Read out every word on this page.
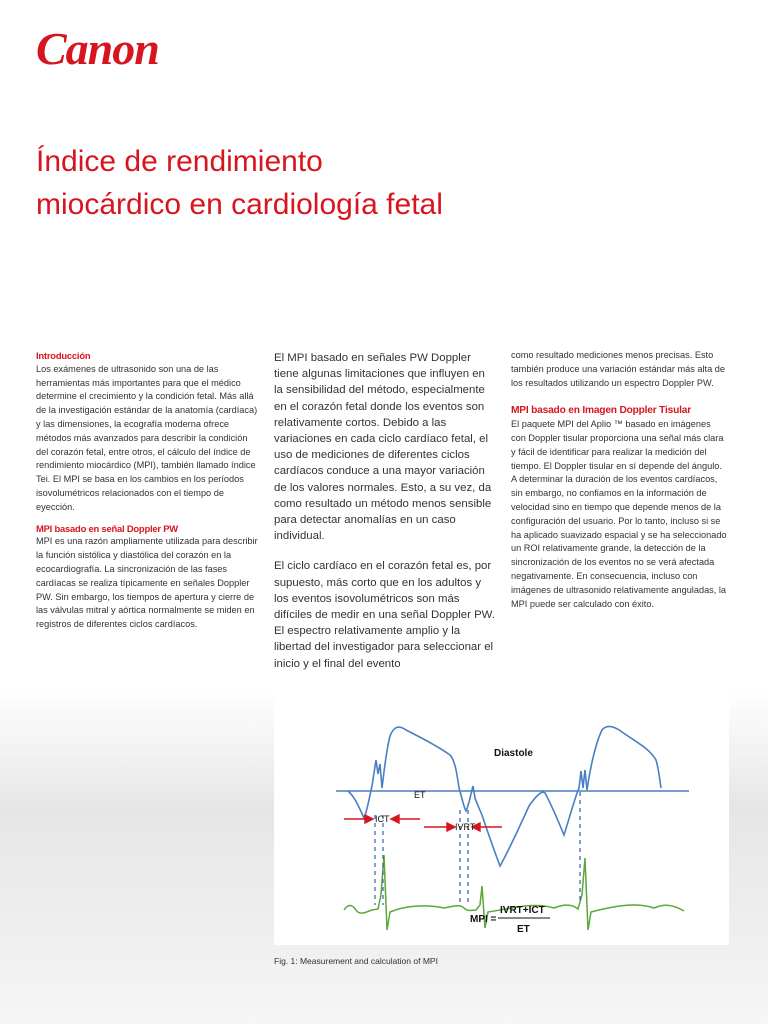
Canon
Índice de rendimiento
miocárdico en cardiología fetal
Introducción

Los exámenes de ultrasonido son una de las herramientas más importantes para que el médico determine el crecimiento y la condición fetal. Más allá de la investigación estándar de la anatomía (cardíaca) y las dimensiones, la ecografía moderna ofrece métodos más avanzados para describir la condición del corazón fetal, entre otros, el cálculo del índice de rendimiento miocárdico (MPI), también llamado índice Tei. El MPI se basa en los cambios en los períodos isovolumétricos relacionados con el tiempo de eyección.

MPI basado en señal Doppler PW

MPI es una razón ampliamente utilizada para describir la función sistólica y diastólica del corazón en la ecocardiografía. La sincronización de las fases cardíacas se realiza típicamente en señales Doppler PW. Sin embargo, los tiempos de apertura y cierre de las válvulas mitral y aórtica normalmente se miden en registros de diferentes ciclos cardíacos.

El MPI basado en señales PW Doppler tiene algunas limitaciones que influyen en la sensibilidad del método, especialmente en el corazón fetal donde los eventos son relativamente cortos. Debido a las variaciones en cada ciclo cardíaco fetal, el uso de mediciones de diferentes ciclos cardíacos conduce a una mayor variación de los valores normales. Esto, a su vez, da como resultado un método menos sensible para detectar anomalías en un caso individual.

El ciclo cardíaco en el corazón fetal es, por supuesto, más corto que en los adultos y los eventos isovolumétricos son más difíciles de medir en una señal Doppler PW. El espectro relativamente amplio y la libertad del investigador para seleccionar el inicio y el final del evento

como resultado mediciones menos precisas. Esto también produce una variación estándar más alta de los resultados utilizando un espectro Doppler PW.

MPI basado en Imagen Doppler Tisular

El paquete MPI del Aplio ™ basado en imágenes con Doppler tisular proporciona una señal más clara y fácil de identificar para realizar la medición del tiempo. El Doppler tisular en sí depende del ángulo. A determinar la duración de los eventos cardíacos, sin embargo, no confiamos en la información de velocidad sino en tiempo que depende menos de la configuración del usuario. Por lo tanto, incluso si se ha aplicado suavizado espacial y se ha seleccionado un ROI relativamente grande, la detección de la sincronización de los eventos no se verá afectada negativamente. En consecuencia, incluso con imágenes de ultrasonido relativamente anguladas, la MPI puede ser calculado con éxito.

Diastole
ET
ICT
IVRT
MPI =
IVRT+ICT
ET
Fig. 1: Measurement and calculation of MPI
